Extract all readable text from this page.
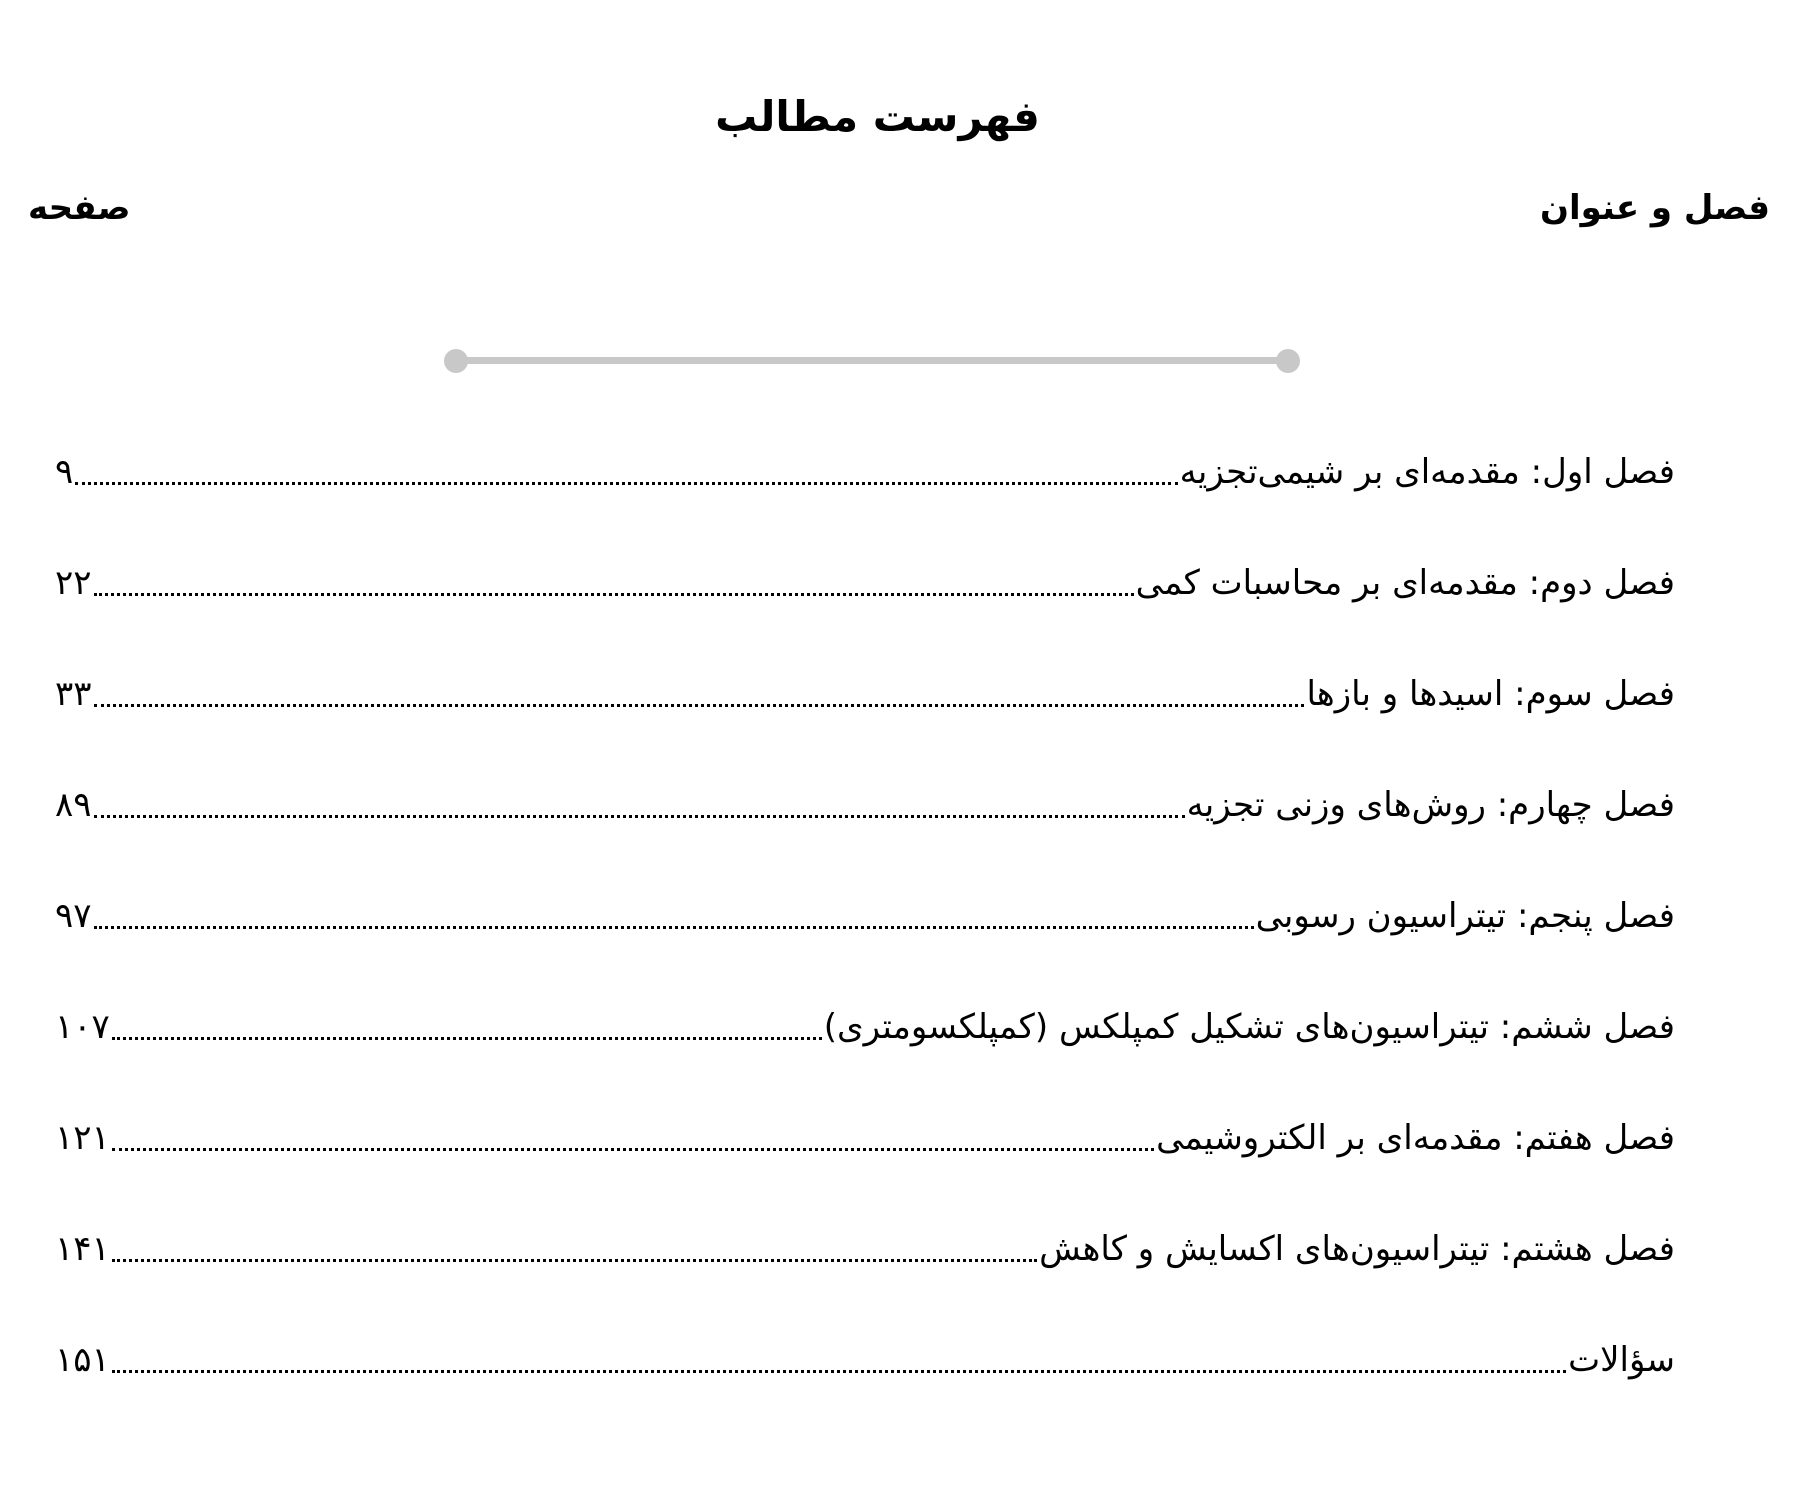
فهرست مطالب
فصل و عنوان
صفحه
فصل اول: مقدمه‌ای بر شیمی‌تجزیه
۹
فصل دوم: مقدمه‌ای بر محاسبات کمی
۲۲
فصل سوم: اسیدها و بازها
۳۳
فصل چهارم: روش‌های وزنی تجزیه
۸۹
فصل پنجم: تیتراسیون رسوبی
۹۷
فصل ششم: تیتراسیون‌های تشکیل کمپلکس (کمپلکسومتری)
۱۰۷
فصل هفتم: مقدمه‌ای بر الکتروشیمی
۱۲۱
فصل هشتم: تیتراسیون‌های اکسایش و کاهش
۱۴۱
سؤالات
۱۵۱
